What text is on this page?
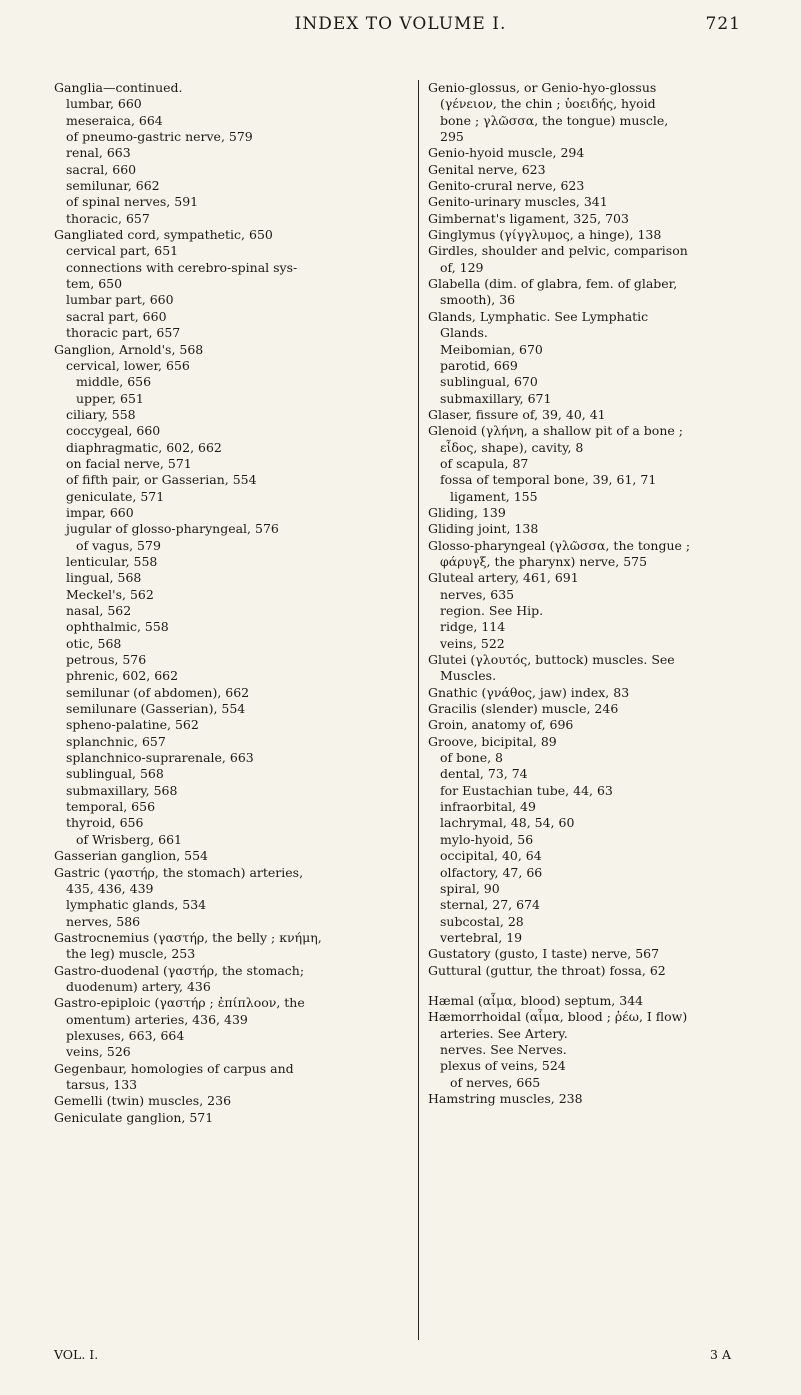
INDEX TO VOLUME I.	721
Ganglia—continued.
lumbar, 660
meseraica, 664
of pneumo-gastric nerve, 579
renal, 663
sacral, 660
semilunar, 662
of spinal nerves, 591
thoracic, 657
Gangliated cord, sympathetic, 650
cervical part, 651
connections with cerebro-spinal sys-
tem, 650
lumbar part, 660
sacral part, 660
thoracic part, 657
Ganglion, Arnold's, 568
cervical, lower, 656
middle, 656
upper, 651
ciliary, 558
coccygeal, 660
diaphragmatic, 602, 662
on facial nerve, 571
of fifth pair, or Gasserian, 554
geniculate, 571
impar, 660
jugular of glosso-pharyngeal, 576
of vagus, 579
lenticular, 558
lingual, 568
Meckel's, 562
nasal, 562
ophthalmic, 558
otic, 568
petrous, 576
phrenic, 602, 662
semilunar (of abdomen), 662
semilunare (Gasserian), 554
spheno-palatine, 562
splanchnic, 657
splanchnico-suprarenale, 663
sublingual, 568
submaxillary, 568
temporal, 656
thyroid, 656
of Wrisberg, 661
Gasserian ganglion, 554
Gastric (γαστήρ, the stomach) arteries,
435, 436, 439
lymphatic glands, 534
nerves, 586
Gastrocnemius (γαστήρ, the belly ; κνήμη,
the leg) muscle, 253
Gastro-duodenal (γαστήρ, the stomach;
duodenum) artery, 436
Gastro-epiploic (γαστήρ ; ἐπίπλοον, the
omentum) arteries, 436, 439
plexuses, 663, 664
veins, 526
Gegenbaur, homologies of carpus and
tarsus, 133
Gemelli (twin) muscles, 236
Geniculate ganglion, 571
Genio-glossus, or Genio-hyo-glossus
(γένειον, the chin ; ὑοειδής, hyoid
bone ; γλῶσσα, the tongue) muscle,
295
Genio-hyoid muscle, 294
Genital nerve, 623
Genito-crural nerve, 623
Genito-urinary muscles, 341
Gimbernat's ligament, 325, 703
Ginglymus (γίγγλυμος, a hinge), 138
Girdles, shoulder and pelvic, comparison
of, 129
Glabella (dim. of glabra, fem. of glaber,
smooth), 36
Glands, Lymphatic. See Lymphatic
Glands.
Meibomian, 670
parotid, 669
sublingual, 670
submaxillary, 671
Glaser, fissure of, 39, 40, 41
Glenoid (γλήνη, a shallow pit of a bone ;
εἶδος, shape), cavity, 8
of scapula, 87
fossa of temporal bone, 39, 61, 71
ligament, 155
Gliding, 139
Gliding joint, 138
Glosso-pharyngeal (γλῶσσα, the tongue ;
φάρυγξ, the pharynx) nerve, 575
Gluteal artery, 461, 691
nerves, 635
region. See Hip.
ridge, 114
veins, 522
Glutei (γλουτός, buttock) muscles. See
Muscles.
Gnathic (γνάθος, jaw) index, 83
Gracilis (slender) muscle, 246
Groin, anatomy of, 696
Groove, bicipital, 89
of bone, 8
dental, 73, 74
for Eustachian tube, 44, 63
infraorbital, 49
lachrymal, 48, 54, 60
mylo-hyoid, 56
occipital, 40, 64
olfactory, 47, 66
spiral, 90
sternal, 27, 674
subcostal, 28
vertebral, 19
Gustatory (gusto, I taste) nerve, 567
Guttural (guttur, the throat) fossa, 62
Hæmal (αἷμα, blood) septum, 344
Hæmorrhoidal (αἷμα, blood ; ῥέω, I flow)
arteries. See Artery.
nerves. See Nerves.
plexus of veins, 524
of nerves, 665
Hamstring muscles, 238
VOL. I.	3 A
